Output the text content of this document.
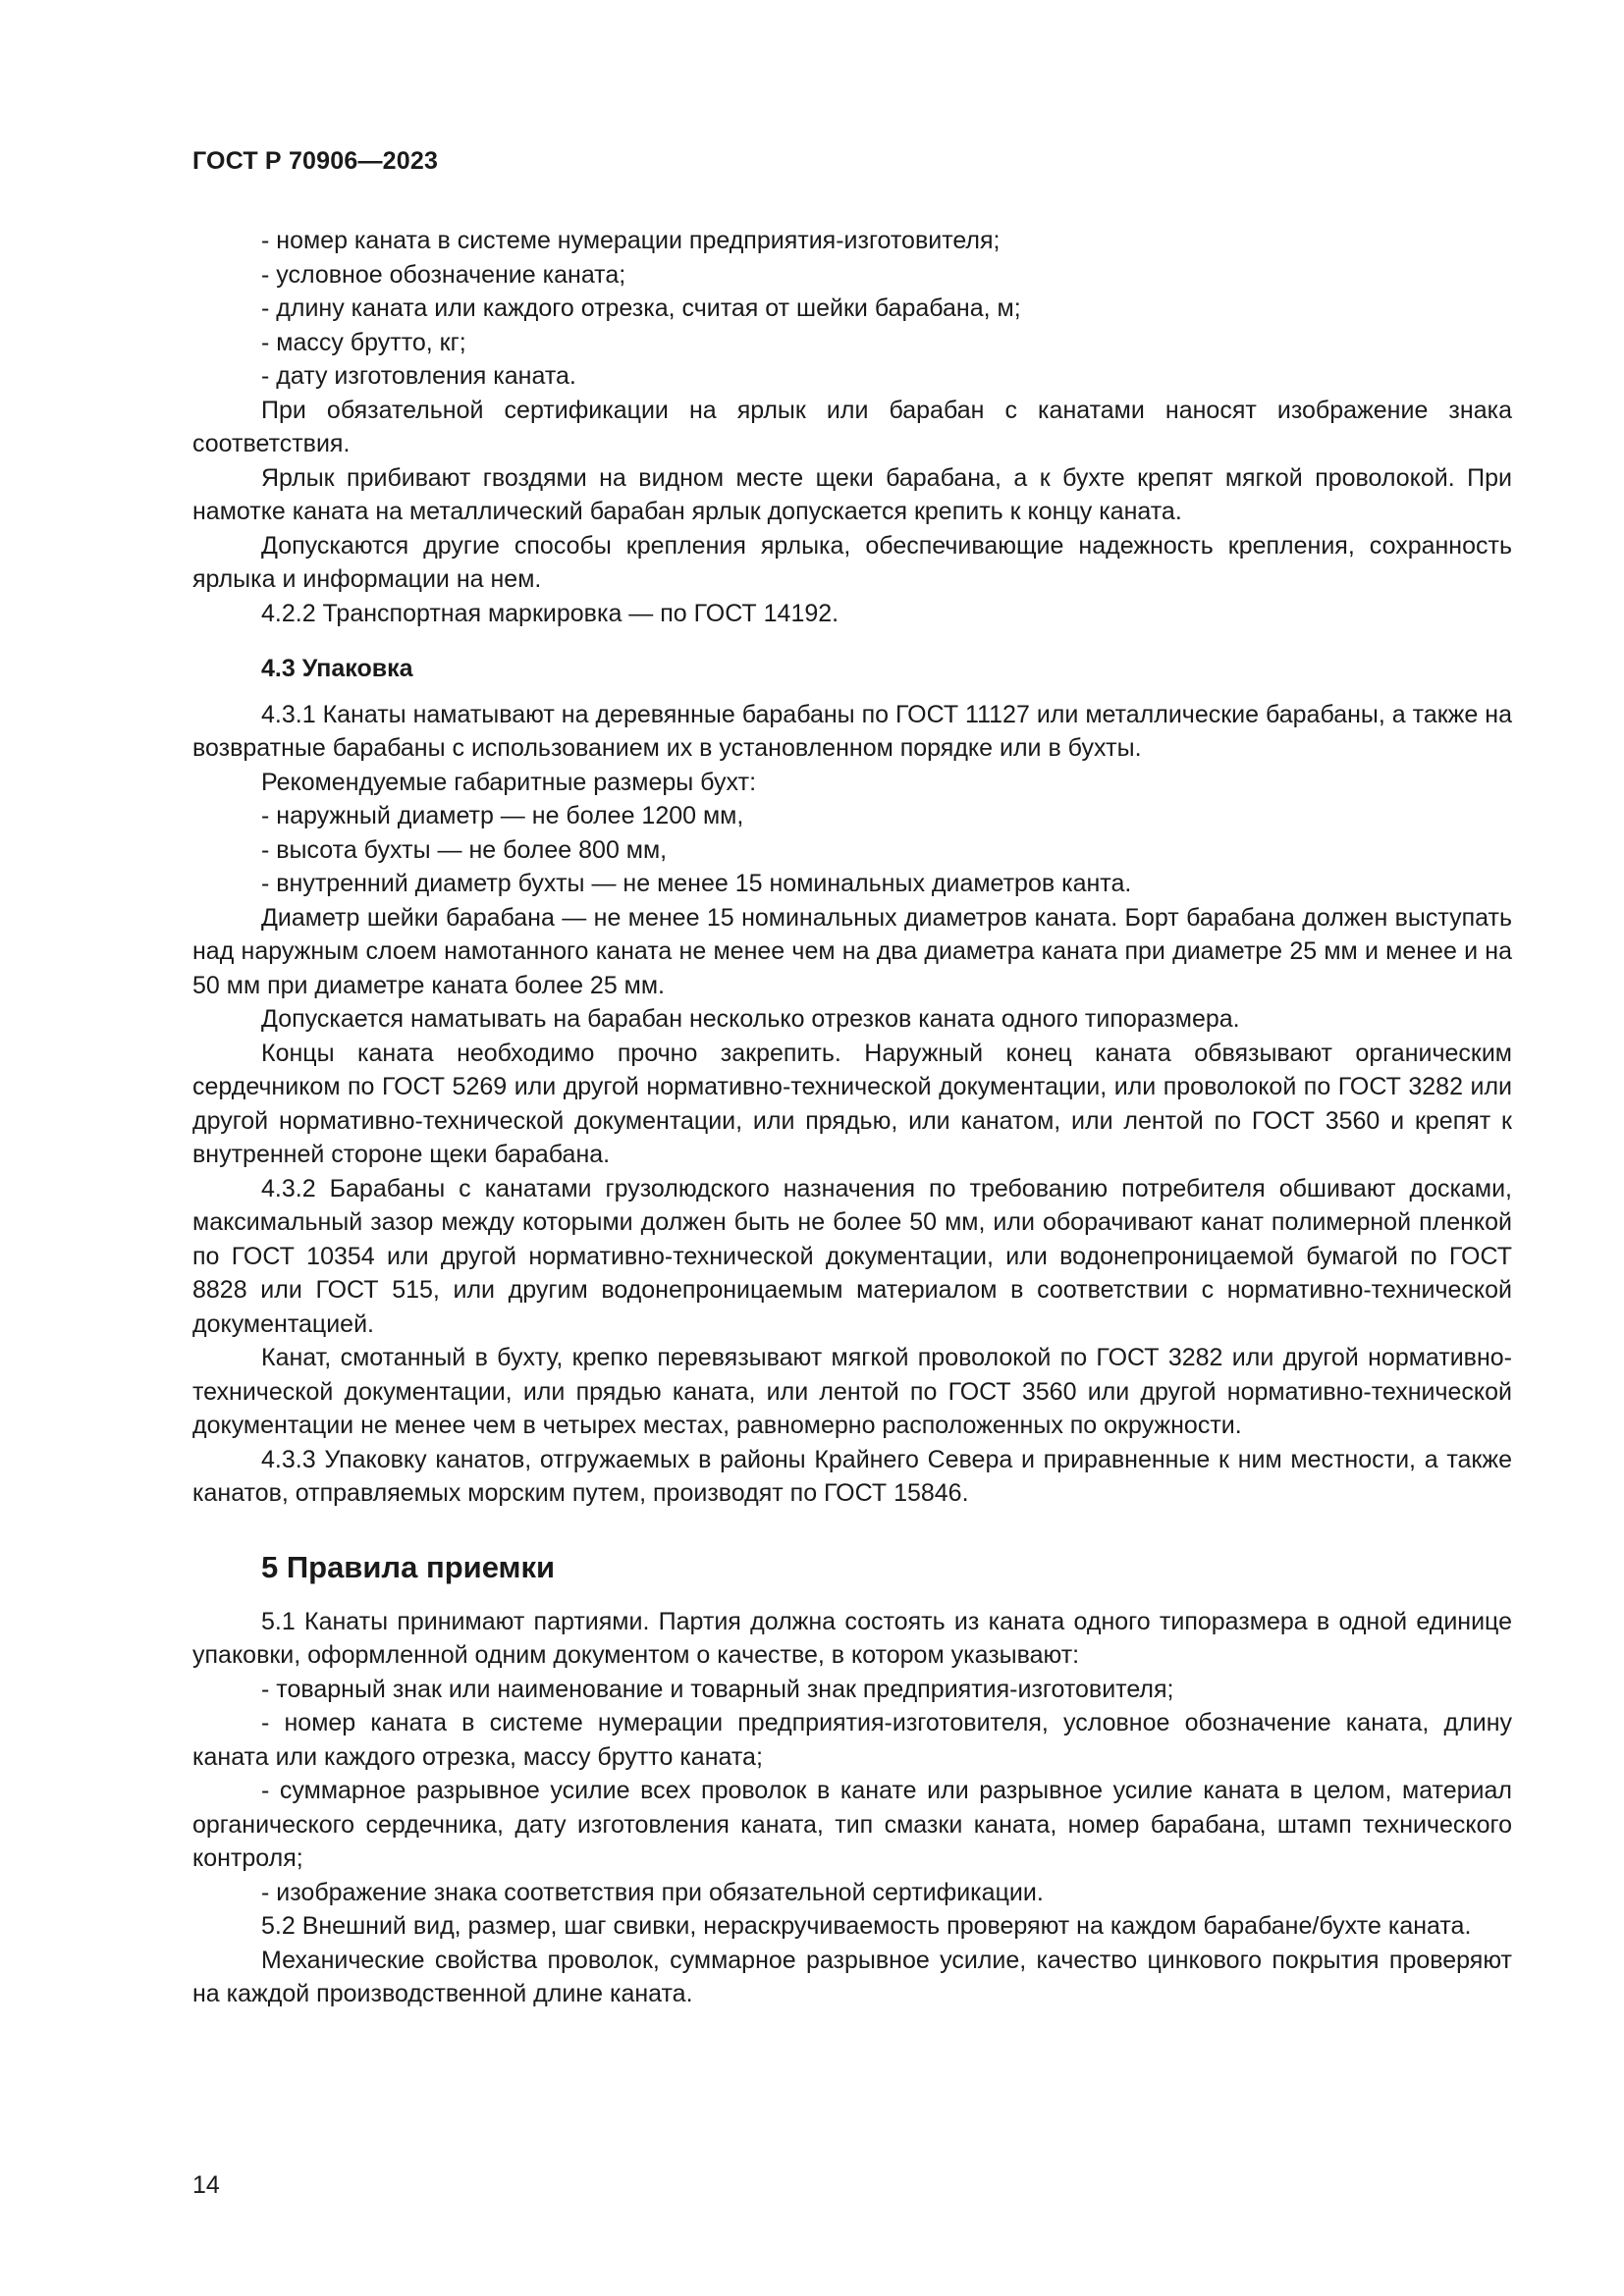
ГОСТ Р 70906—2023

- номер каната в системе нумерации предприятия-изготовителя;

- условное обозначение каната;

- длину каната или каждого отрезка, считая от шейки барабана, м;

- массу брутто, кг;

- дату изготовления каната.

При обязательной сертификации на ярлык или барабан с канатами наносят изображение знака соответствия.

Ярлык прибивают гвоздями на видном месте щеки барабана, а к бухте крепят мягкой проволокой. При намотке каната на металлический барабан ярлык допускается крепить к концу каната.

Допускаются другие способы крепления ярлыка, обеспечивающие надежность крепления, сохранность ярлыка и информации на нем.

4.2.2 Транспортная маркировка — по ГОСТ 14192.

4.3 Упаковка

4.3.1 Канаты наматывают на деревянные барабаны по ГОСТ 11127 или металлические барабаны, а также на возвратные барабаны с использованием их в установленном порядке или в бухты.

Рекомендуемые габаритные размеры бухт:

- наружный диаметр — не более 1200 мм,

- высота бухты — не более 800 мм,

- внутренний диаметр бухты — не менее 15 номинальных диаметров канта.

Диаметр шейки барабана — не менее 15 номинальных диаметров каната. Борт барабана должен выступать над наружным слоем намотанного каната не менее чем на два диаметра каната при диаметре 25 мм и менее и на 50 мм при диаметре каната более 25 мм.

Допускается наматывать на барабан несколько отрезков каната одного типоразмера.

Концы каната необходимо прочно закрепить. Наружный конец каната обвязывают органическим сердечником по ГОСТ 5269 или другой нормативно-технической документации, или проволокой по ГОСТ 3282 или другой нормативно-технической документации, или прядью, или канатом, или лентой по ГОСТ 3560 и крепят к внутренней стороне щеки барабана.

4.3.2 Барабаны с канатами грузолюдского назначения по требованию потребителя обшивают досками, максимальный зазор между которыми должен быть не более 50 мм, или оборачивают канат полимерной пленкой по ГОСТ 10354 или другой нормативно-технической документации, или водонепроницаемой бумагой по ГОСТ 8828 или ГОСТ 515, или другим водонепроницаемым материалом в соответствии с нормативно-технической документацией.

Канат, смотанный в бухту, крепко перевязывают мягкой проволокой по ГОСТ 3282 или другой нормативно-технической документации, или прядью каната, или лентой по ГОСТ 3560 или другой нормативно-технической документации не менее чем в четырех местах, равномерно расположенных по окружности.

4.3.3 Упаковку канатов, отгружаемых в районы Крайнего Севера и приравненные к ним местности, а также канатов, отправляемых морским путем, производят по ГОСТ 15846.

5 Правила приемки

5.1 Канаты принимают партиями. Партия должна состоять из каната одного типоразмера в одной единице упаковки, оформленной одним документом о качестве, в котором указывают:

- товарный знак или наименование и товарный знак предприятия-изготовителя;

- номер каната в системе нумерации предприятия-изготовителя, условное обозначение каната, длину каната или каждого отрезка, массу брутто каната;

- суммарное разрывное усилие всех проволок в канате или разрывное усилие каната в целом, материал органического сердечника, дату изготовления каната, тип смазки каната, номер барабана, штамп технического контроля;

- изображение знака соответствия при обязательной сертификации.

5.2 Внешний вид, размер, шаг свивки, нераскручиваемость проверяют на каждом барабане/бухте каната.

Механические свойства проволок, суммарное разрывное усилие, качество цинкового покрытия проверяют на каждой производственной длине каната.

14
